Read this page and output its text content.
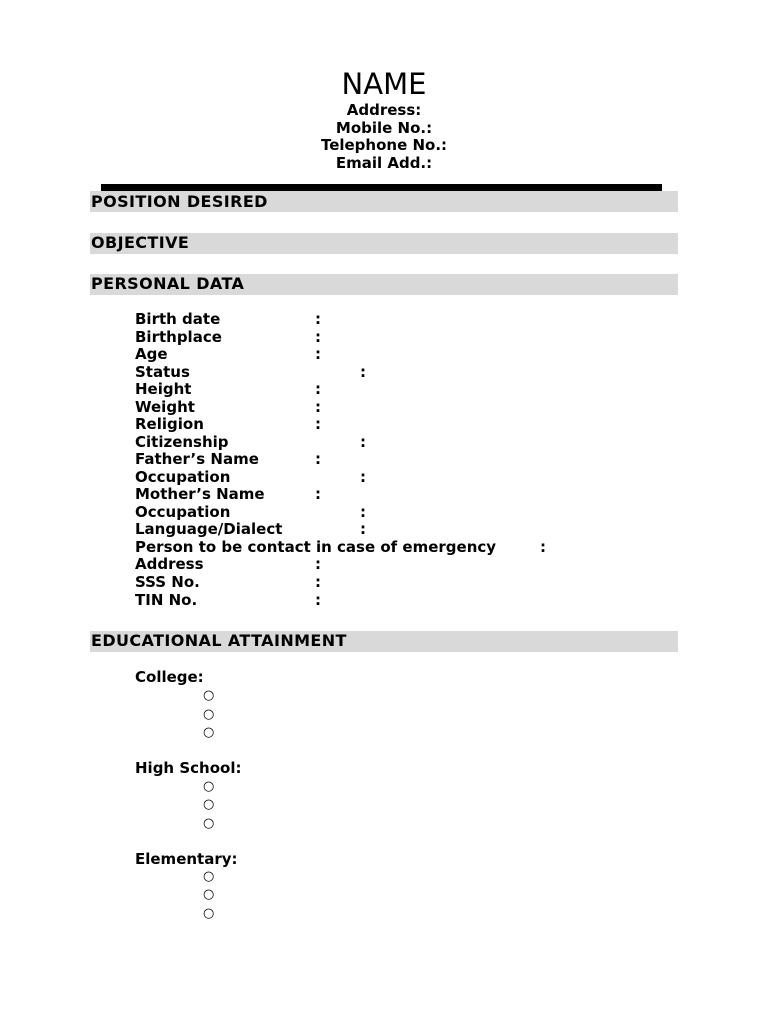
NAME
Address:
Mobile No.:
Telephone No.:
Email Add.:
POSITION DESIRED
OBJECTIVE
PERSONAL DATA
Birth date	:
Birthplace	:
Age	:
Status	:
Height	:
Weight	:
Religion	:
Citizenship	:
Father’s Name	:
Occupation	:
Mother’s Name	:
Occupation	:
Language/Dialect	:
Person to be contact in case of emergency	:
Address	:
SSS No.	:
TIN No.	:
EDUCATIONAL ATTAINMENT
College:
○
○
○
High School:
○
○
○
Elementary:
○
○
○
